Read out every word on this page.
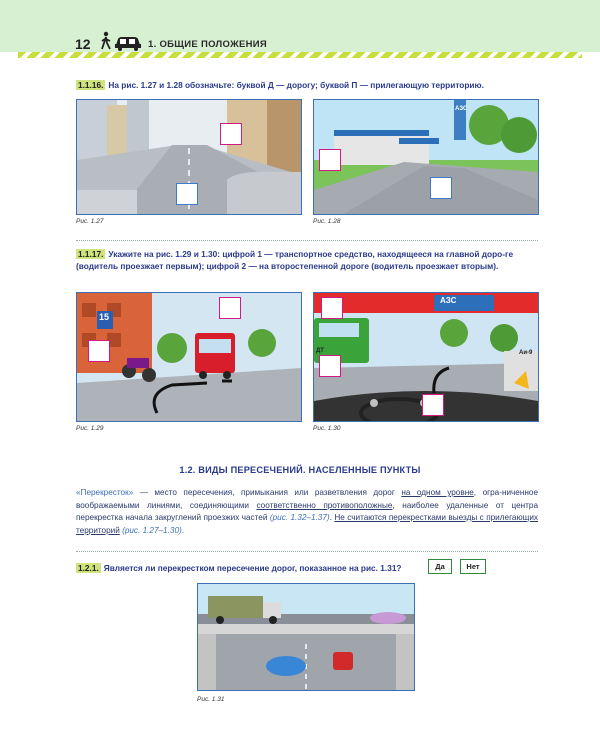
12	1. ОБЩИЕ ПОЛОЖЕНИЯ
1.1.16. На рис. 1.27 и 1.28 обозначьте: буквой Д — дорогу; буквой П — прилегающую территорию.
Рис. 1.27
АЗС
Рис. 1.28
1.1.17. Укажите на рис. 1.29 и 1.30: цифрой 1 — транспортное средство, находящееся на главной доро-ге (водитель проезжает первым); цифрой 2 — на второстепенной дороге (водитель проезжает вторым).
15
Рис. 1.29
АЗС
ДТ	Аи-9
Рис. 1.30
1.2. ВИДЫ ПЕРЕСЕЧЕНИЙ. НАСЕЛЕННЫЕ ПУНКТЫ
«Перекресток» — место пересечения, примыкания или разветвления дорог на одном уровне, огра-ниченное воображаемыми линиями, соединяющими соответственно противоположные, наиболее удаленные от центра перекрестка начала закруглений проезжих частей (рис. 1.32–1.37). Не считаются перекрестками выезды с прилегающих территорий (рис. 1.27–1.30).
1.2.1. Является ли перекрестком пересечение дорог, показанное на рис. 1.31?	Да	Нет
Рис. 1.31
